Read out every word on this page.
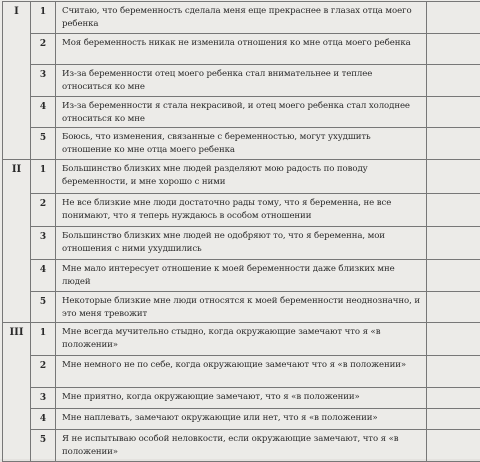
I	1	Считаю, что беременность сделала меня еще прекраснее в глазах отца моего ребенка	
	2	Моя беременность никак не изменила отношения ко мне отца моего ребенка	
	3	Из-за беременности отец моего ребенка стал внимательнее и теплее относиться ко мне	
	4	Из-за беременности я стала некрасивой, и отец моего ребенка стал холоднее относиться ко мне	
	5	Боюсь, что изменения, связанные с беременностью, могут ухудшить отношение ко мне отца моего ребенка	
II	1	Большинство близких мне людей разделяют мою радость по поводу беременности, и мне хорошо с ними	
	2	Не все близкие мне люди достаточно рады тому, что я беременна, не все понимают, что я теперь нуждаюсь в особом отношении	
	3	Большинство близких мне людей не одобряют то, что я беременна, мои отношения с ними ухудшились	
	4	Мне мало интересует отношение к моей беременности даже близких мне людей	
	5	Некоторые близкие мне люди относятся к моей беременности неоднозначно, и это меня тревожит	
III	1	Мне всегда мучительно стыдно, когда окружающие замечают что я «в положении»	
	2	Мне немного не по себе, когда окружающие замечают что я «в положении»	
	3	Мне приятно, когда окружающие замечают, что я «в положении»	
	4	Мне наплевать, замечают окружающие или нет, что я «в положении»	
	5	Я не испытываю особой неловкости, если окружающие замечают, что я «в положении»	
